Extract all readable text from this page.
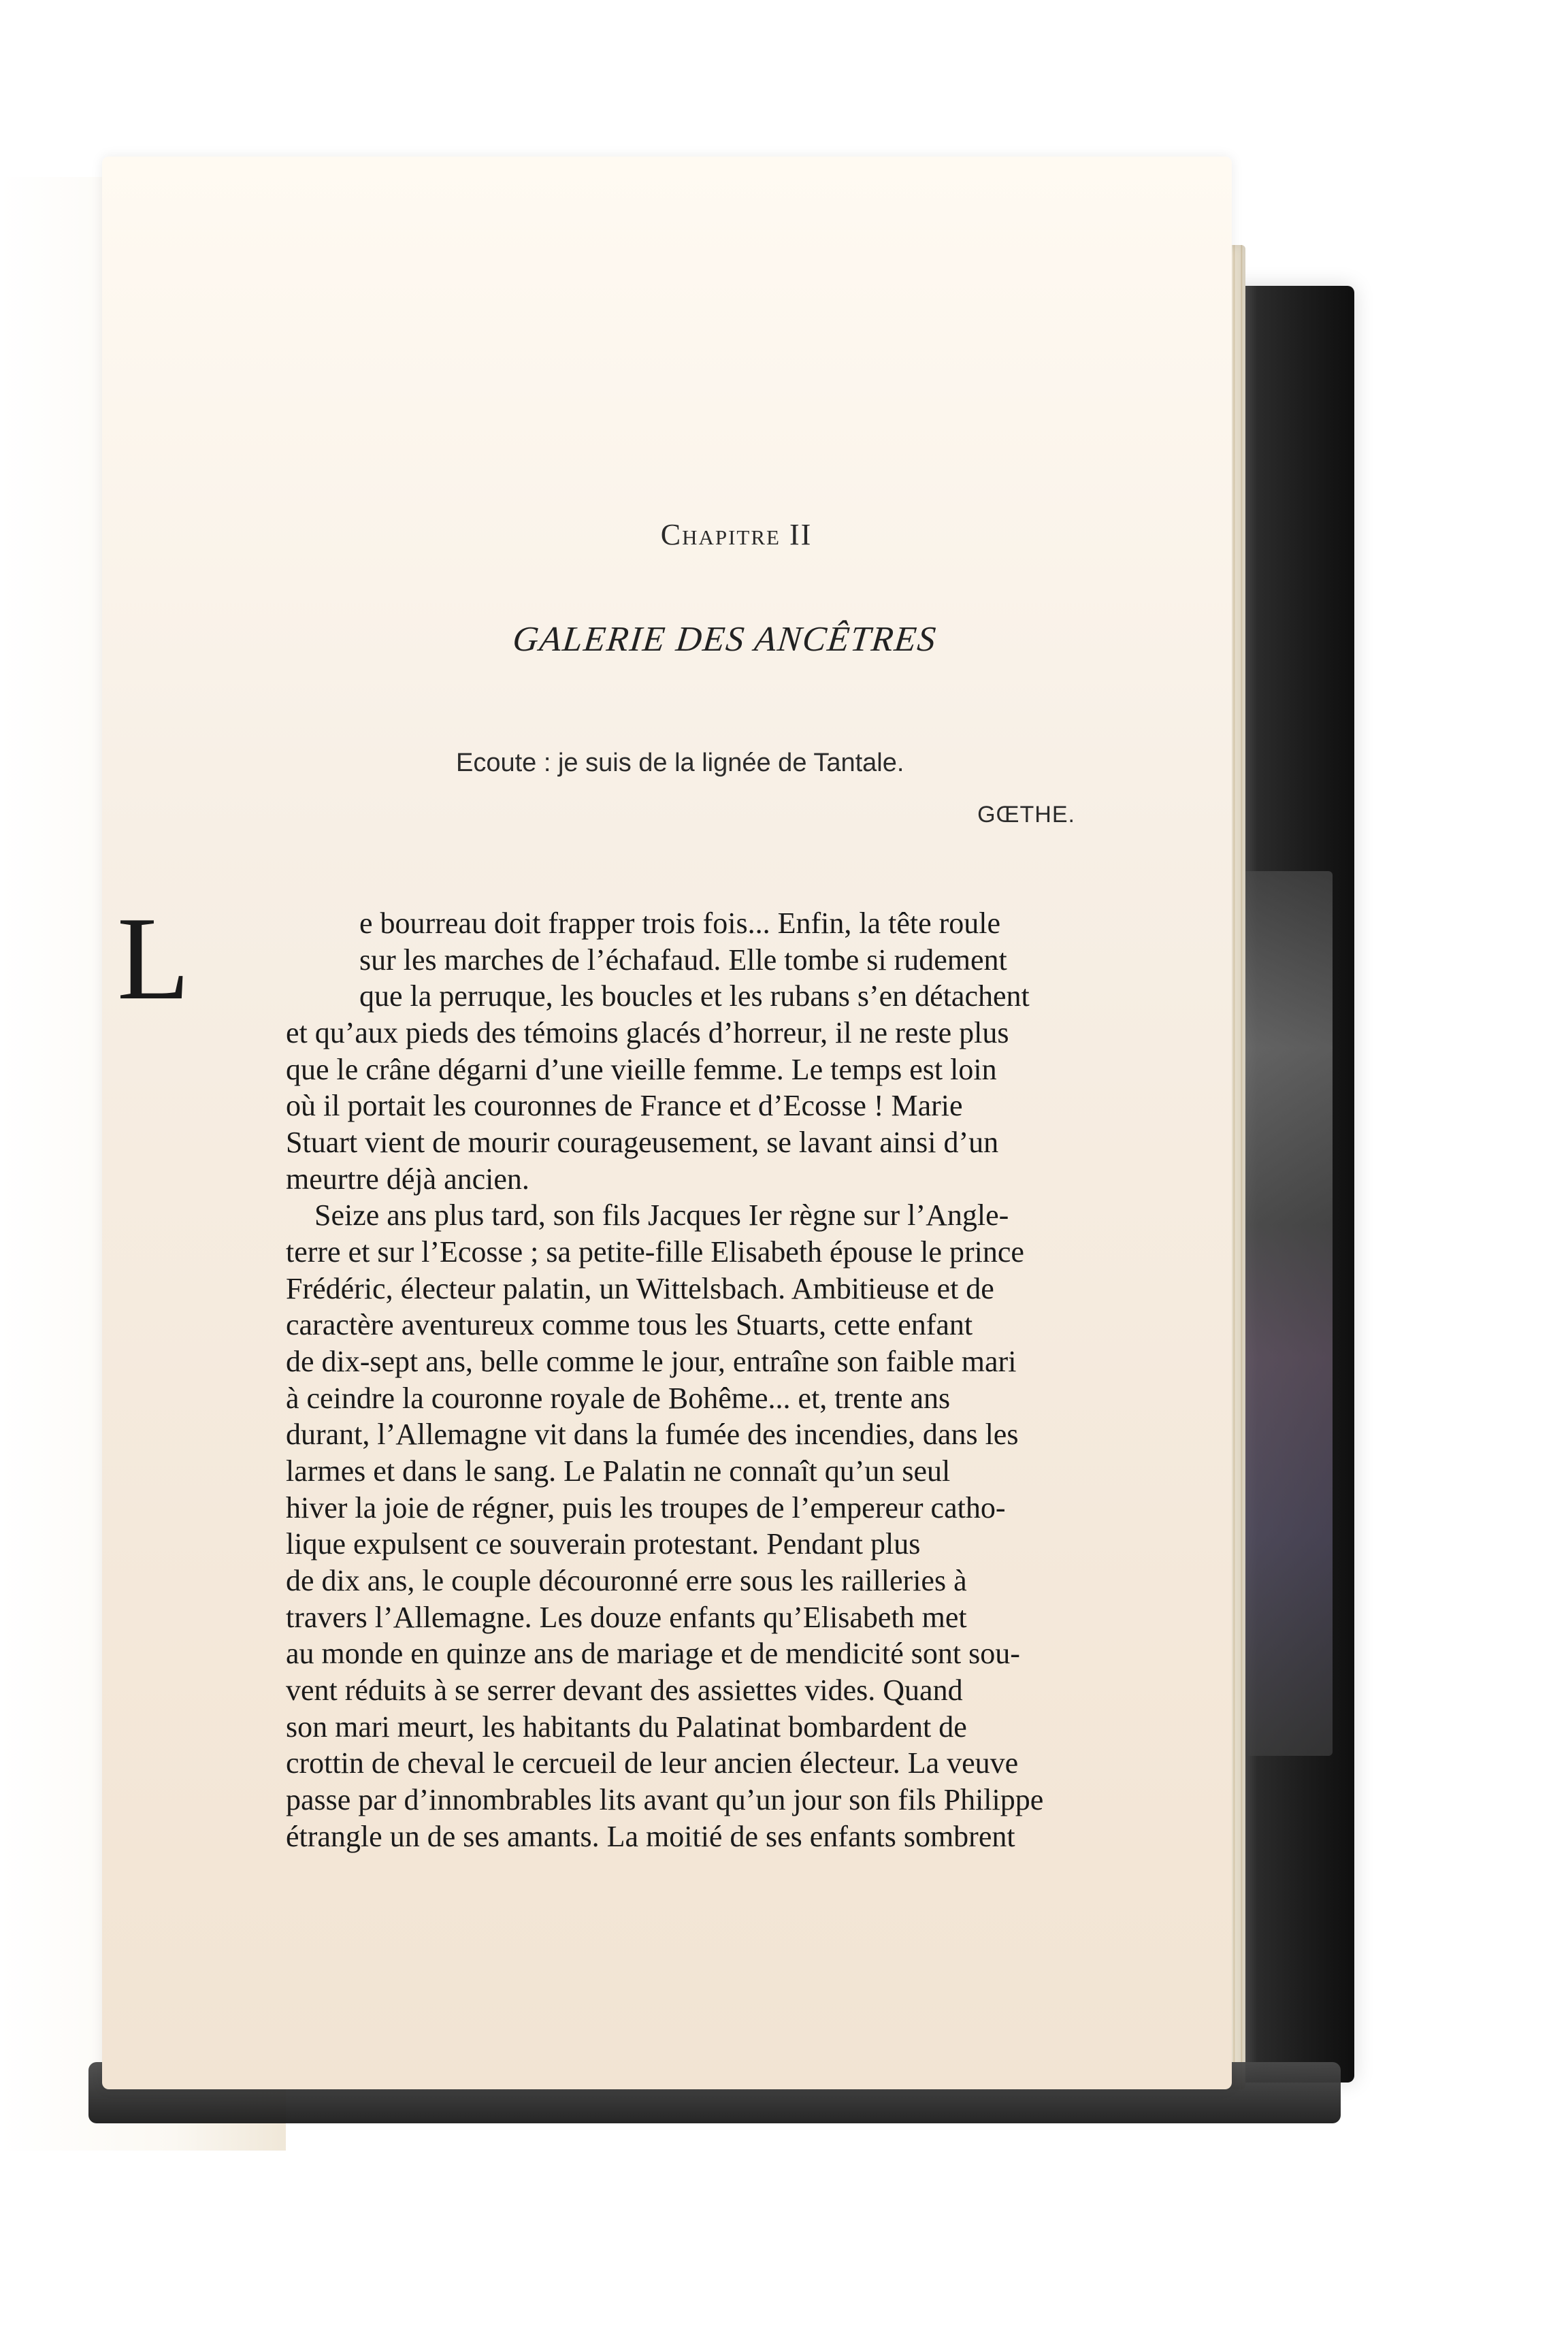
Chapitre II
GALERIE DES ANCÊTRES
Ecoute : je suis de la lignée de Tantale.
GŒTHE.
L	e bourreau doit frapper trois fois... Enfin, la tête roule
sur les marches de l’échafaud. Elle tombe si rudement
que la perruque, les boucles et les rubans s’en détachent
et qu’aux pieds des témoins glacés d’horreur, il ne reste plus
que le crâne dégarni d’une vieille femme. Le temps est loin
où il portait les couronnes de France et d’Ecosse ! Marie
Stuart vient de mourir courageusement, se lavant ainsi d’un
meurtre déjà ancien.
Seize ans plus tard, son fils Jacques Ier règne sur l’Angle-
terre et sur l’Ecosse ; sa petite-fille Elisabeth épouse le prince
Frédéric, électeur palatin, un Wittelsbach. Ambitieuse et de
caractère aventureux comme tous les Stuarts, cette enfant
de dix-sept ans, belle comme le jour, entraîne son faible mari
à ceindre la couronne royale de Bohême... et, trente ans
durant, l’Allemagne vit dans la fumée des incendies, dans les
larmes et dans le sang. Le Palatin ne connaît qu’un seul
hiver la joie de régner, puis les troupes de l’empereur catho-
lique expulsent ce souverain protestant. Pendant plus
de dix ans, le couple découronné erre sous les railleries à
travers l’Allemagne. Les douze enfants qu’Elisabeth met
au monde en quinze ans de mariage et de mendicité sont sou-
vent réduits à se serrer devant des assiettes vides. Quand
son mari meurt, les habitants du Palatinat bombardent de
crottin de cheval le cercueil de leur ancien électeur. La veuve
passe par d’innombrables lits avant qu’un jour son fils Philippe
étrangle un de ses amants. La moitié de ses enfants sombrent
